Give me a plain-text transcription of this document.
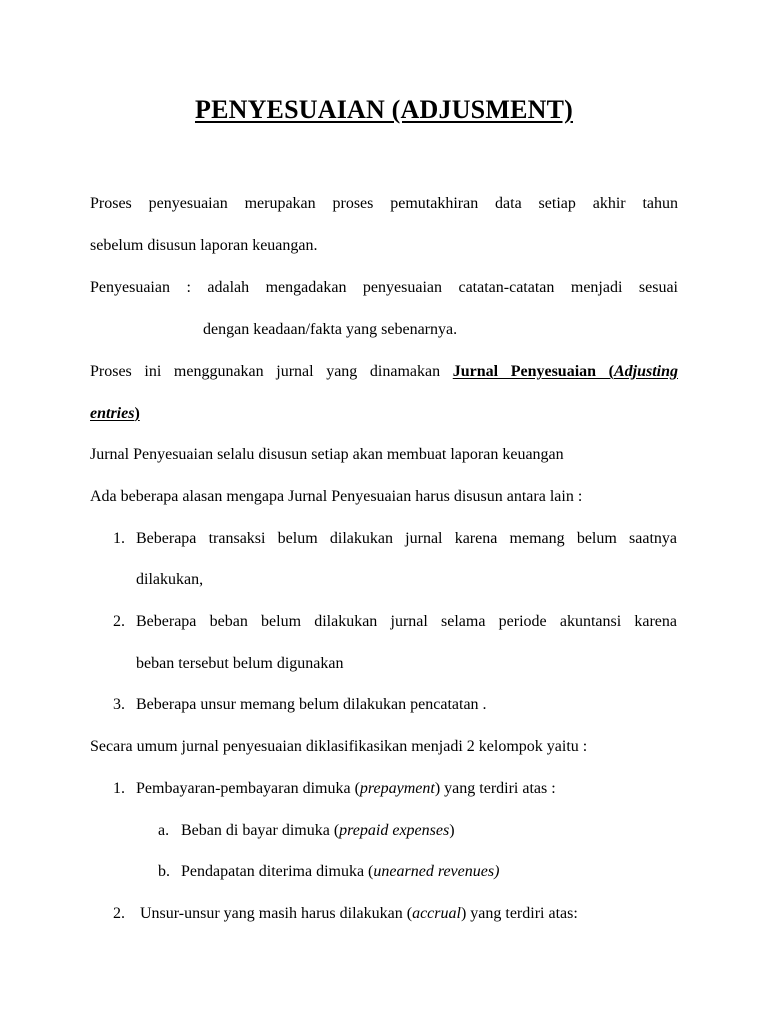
PENYESUAIAN (ADJUSMENT)
Proses penyesuaian merupakan proses pemutakhiran data setiap akhir tahun
sebelum disusun laporan keuangan.
Penyesuaian : adalah mengadakan penyesuaian catatan-catatan menjadi sesuai
dengan keadaan/fakta yang sebenarnya.
Proses ini menggunakan jurnal yang dinamakan Jurnal Penyesuaian (Adjusting
entries)
Jurnal Penyesuaian selalu disusun setiap akan membuat laporan keuangan
Ada beberapa alasan mengapa Jurnal Penyesuaian harus disusun antara lain :
1. Beberapa transaksi belum dilakukan jurnal karena memang belum saatnya
dilakukan,
2. Beberapa beban belum dilakukan jurnal selama periode akuntansi karena
beban tersebut belum digunakan
3. Beberapa unsur memang belum dilakukan pencatatan .
Secara umum jurnal penyesuaian diklasifikasikan menjadi 2 kelompok yaitu :
1. Pembayaran-pembayaran dimuka (prepayment) yang terdiri atas :
a. Beban di bayar dimuka (prepaid expenses)
b. Pendapatan diterima dimuka (unearned revenues)
2. Unsur-unsur yang masih harus dilakukan (accrual) yang terdiri atas:
